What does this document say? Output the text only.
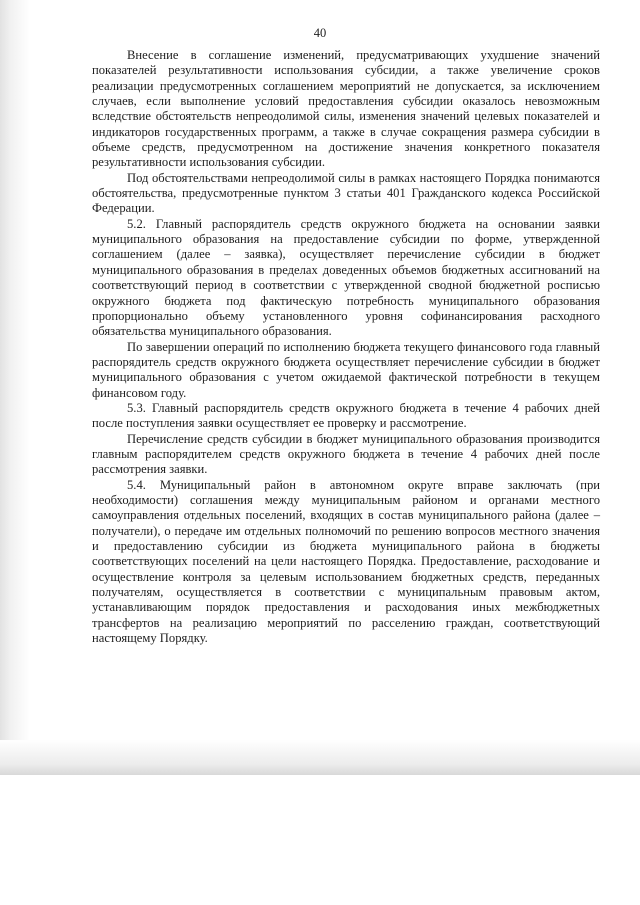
40

Внесение в соглашение изменений, предусматривающих ухудшение значений показателей результативности использования субсидии, а также увеличение сроков реализации предусмотренных соглашением мероприятий не допускается, за исключением случаев, если выполнение условий предоставления субсидии оказалось невозможным вследствие обстоятельств непреодолимой силы, изменения значений целевых показателей и индикаторов государственных программ, а также в случае сокращения размера субсидии в объеме средств, предусмотренном на достижение значения конкретного показателя результативности использования субсидии.

Под обстоятельствами непреодолимой силы в рамках настоящего Порядка понимаются обстоятельства, предусмотренные пунктом 3 статьи 401 Гражданского кодекса Российской Федерации.

5.2. Главный распорядитель средств окружного бюджета на основании заявки муниципального образования на предоставление субсидии по форме, утвержденной соглашением (далее – заявка), осуществляет перечисление субсидии в бюджет муниципального образования в пределах доведенных объемов бюджетных ассигнований на соответствующий период в соответствии с утвержденной сводной бюджетной росписью окружного бюджета под фактическую потребность муниципального образования пропорционально объему установленного уровня софинансирования расходного обязательства муниципального образования.

По завершении операций по исполнению бюджета текущего финансового года главный распорядитель средств окружного бюджета осуществляет перечисление субсидии в бюджет муниципального образования с учетом ожидаемой фактической потребности в текущем финансовом году.

5.3. Главный распорядитель средств окружного бюджета в течение 4 рабочих дней после поступления заявки осуществляет ее проверку и рассмотрение.

Перечисление средств субсидии в бюджет муниципального образования производится главным распорядителем средств окружного бюджета в течение 4 рабочих дней после рассмотрения заявки.

5.4. Муниципальный район в автономном округе вправе заключать (при необходимости) соглашения между муниципальным районом и органами местного самоуправления отдельных поселений, входящих в состав муниципального района (далее – получатели), о передаче им отдельных полномочий по решению вопросов местного значения и предоставлению субсидии из бюджета муниципального района в бюджеты соответствующих поселений на цели настоящего Порядка. Предоставление, расходование и осуществление контроля за целевым использованием бюджетных средств, переданных получателям, осуществляется в соответствии с муниципальным правовым актом, устанавливающим порядок предоставления и расходования иных межбюджетных трансфертов на реализацию мероприятий по расселению граждан, соответствующий настоящему Порядку.
